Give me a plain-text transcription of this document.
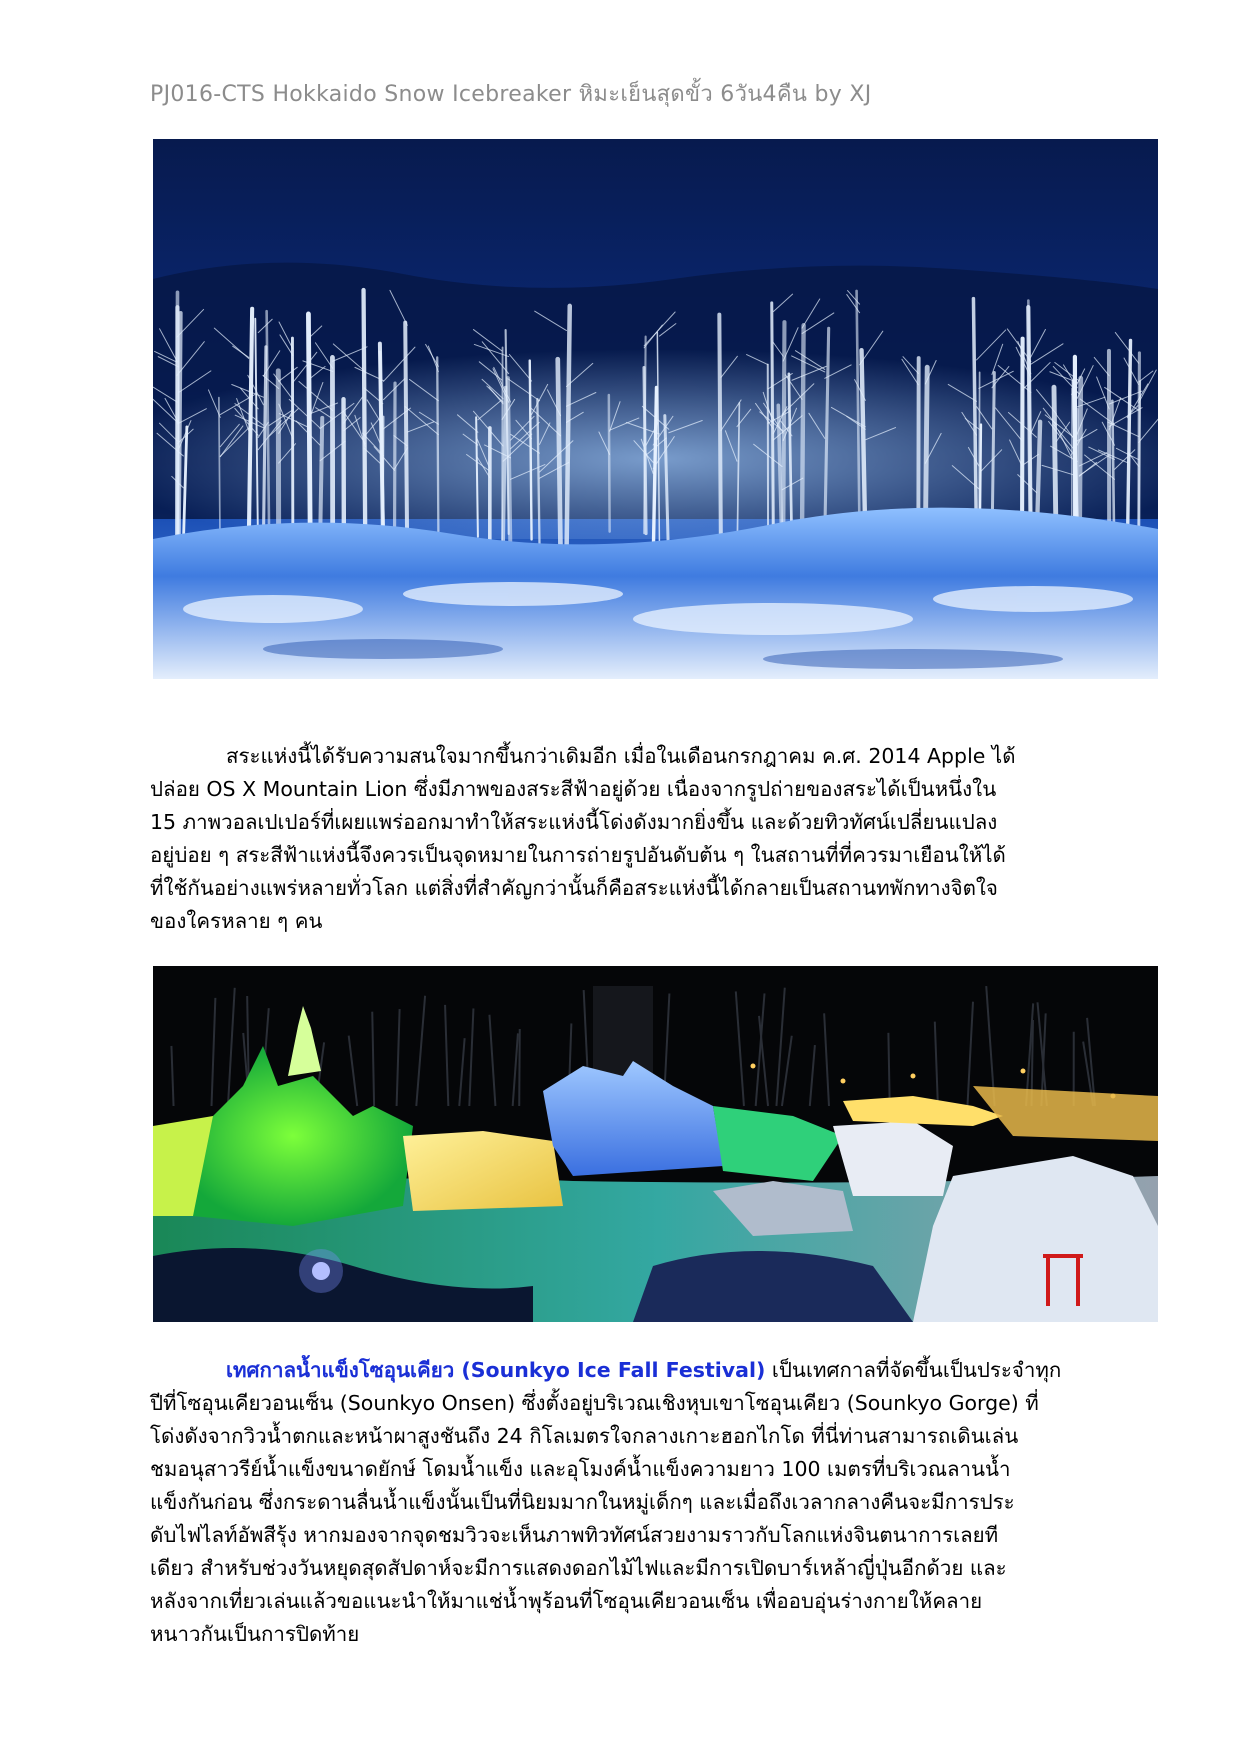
PJ016-CTS Hokkaido Snow Icebreaker หิมะเย็นสุดขั้ว 6วัน4คืน by XJ
สระแห่งนี้ได้รับความสนใจมากขึ้นกว่าเดิมอีก เมื่อในเดือนกรกฎาคม ค.ศ. 2014 Apple ได้
ปล่อย OS X Mountain Lion ซึ่งมีภาพของสระสีฟ้าอยู่ด้วย เนื่องจากรูปถ่ายของสระได้เป็นหนึ่งใน
15 ภาพวอลเปเปอร์ที่เผยแพร่ออกมาทำให้สระแห่งนี้โด่งดังมากยิ่งขึ้น และด้วยทิวทัศน์เปลี่ยนแปลง
อยู่บ่อย ๆ สระสีฟ้าแห่งนี้จึงควรเป็นจุดหมายในการถ่ายรูปอันดับต้น ๆ ในสถานที่ที่ควรมาเยือนให้ได้
ที่ใช้กันอย่างแพร่หลายทั่วโลก แต่สิ่งที่สำคัญกว่านั้นก็คือสระแห่งนี้ได้กลายเป็นสถานทพักทางจิตใจ
ของใครหลาย ๆ คน
เทศกาลน้ำแข็งโซอุนเคียว (Sounkyo Ice Fall Festival) เป็นเทศกาลที่จัดขึ้นเป็นประจำทุก
ปีที่โซอุนเคียวอนเซ็น (Sounkyo Onsen) ซึ่งตั้งอยู่บริเวณเชิงหุบเขาโซอุนเคียว (Sounkyo Gorge) ที่
โด่งดังจากวิวน้ำตกและหน้าผาสูงชันถึง 24 กิโลเมตรใจกลางเกาะฮอกไกโด ที่นี่ท่านสามารถเดินเล่น
ชมอนุสาวรีย์น้ำแข็งขนาดยักษ์ โดมน้ำแข็ง และอุโมงค์น้ำแข็งความยาว 100 เมตรที่บริเวณลานน้ำ
แข็งกันก่อน ซึ่งกระดานลื่นน้ำแข็งนั้นเป็นที่นิยมมากในหมู่เด็กๆ และเมื่อถึงเวลากลางคืนจะมีการประ
ดับไฟไลท์อัพสีรุ้ง หากมองจากจุดชมวิวจะเห็นภาพทิวทัศน์สวยงามราวกับโลกแห่งจินตนาการเลยที
เดียว สำหรับช่วงวันหยุดสุดสัปดาห์จะมีการแสดงดอกไม้ไฟและมีการเปิดบาร์เหล้าญี่ปุ่นอีกด้วย และ
หลังจากเที่ยวเล่นแล้วขอแนะนำให้มาแช่น้ำพุร้อนที่โซอุนเคียวอนเซ็น เพื่ออบอุ่นร่างกายให้คลาย
หนาวกันเป็นการปิดท้าย
